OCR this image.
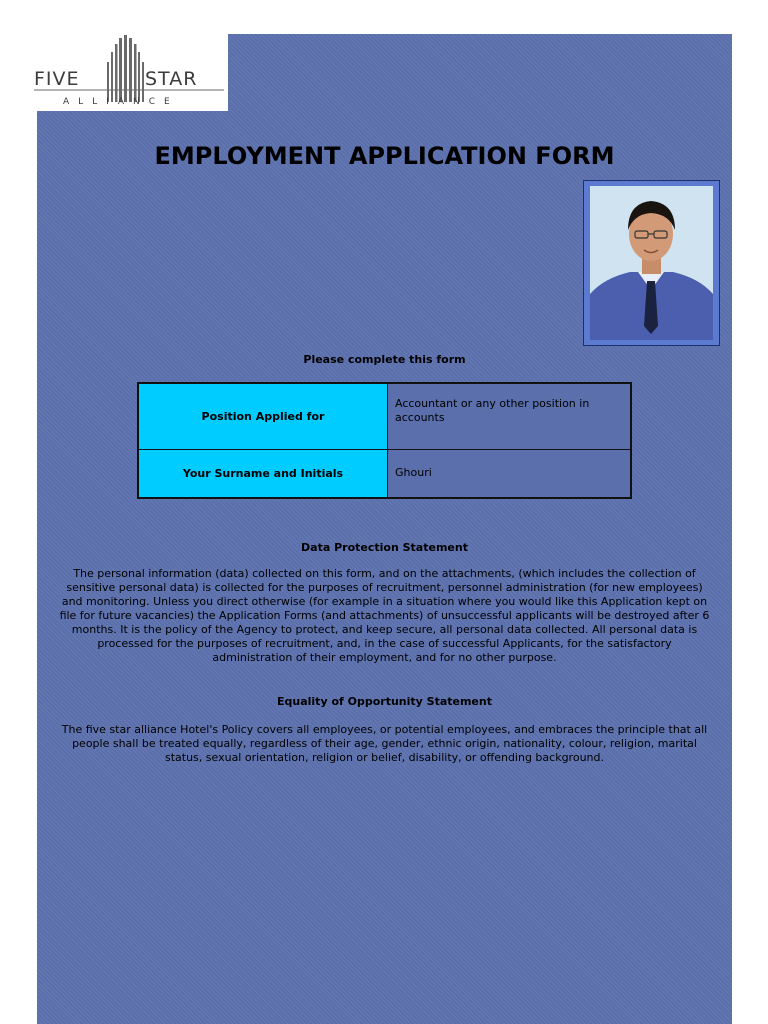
FIVE	STAR
ALLIANCE
EMPLOYMENT APPLICATION FORM
Please complete this form
Position Applied for	Accountant or any other position in accounts
Your Surname and Initials	Ghouri
Data Protection Statement
The personal information (data) collected on this form, and on the attachments, (which includes the collection of
sensitive personal data) is collected for the purposes of recruitment, personnel administration (for new employees)
and monitoring. Unless you direct otherwise (for example in a situation where you would like this Application kept on
file for future vacancies) the Application Forms (and attachments) of unsuccessful applicants will be destroyed after 6
months. It is the policy of the Agency to protect, and keep secure, all personal data collected. All personal data is
processed for the purposes of recruitment, and, in the case of successful Applicants, for the satisfactory
administration of their employment, and for no other purpose.
Equality of Opportunity Statement
The five star alliance Hotel's Policy covers all employees, or potential employees, and embraces the principle that all
people shall be treated equally, regardless of their age, gender, ethnic origin, nationality, colour, religion, marital
status, sexual orientation, religion or belief, disability, or offending background.
